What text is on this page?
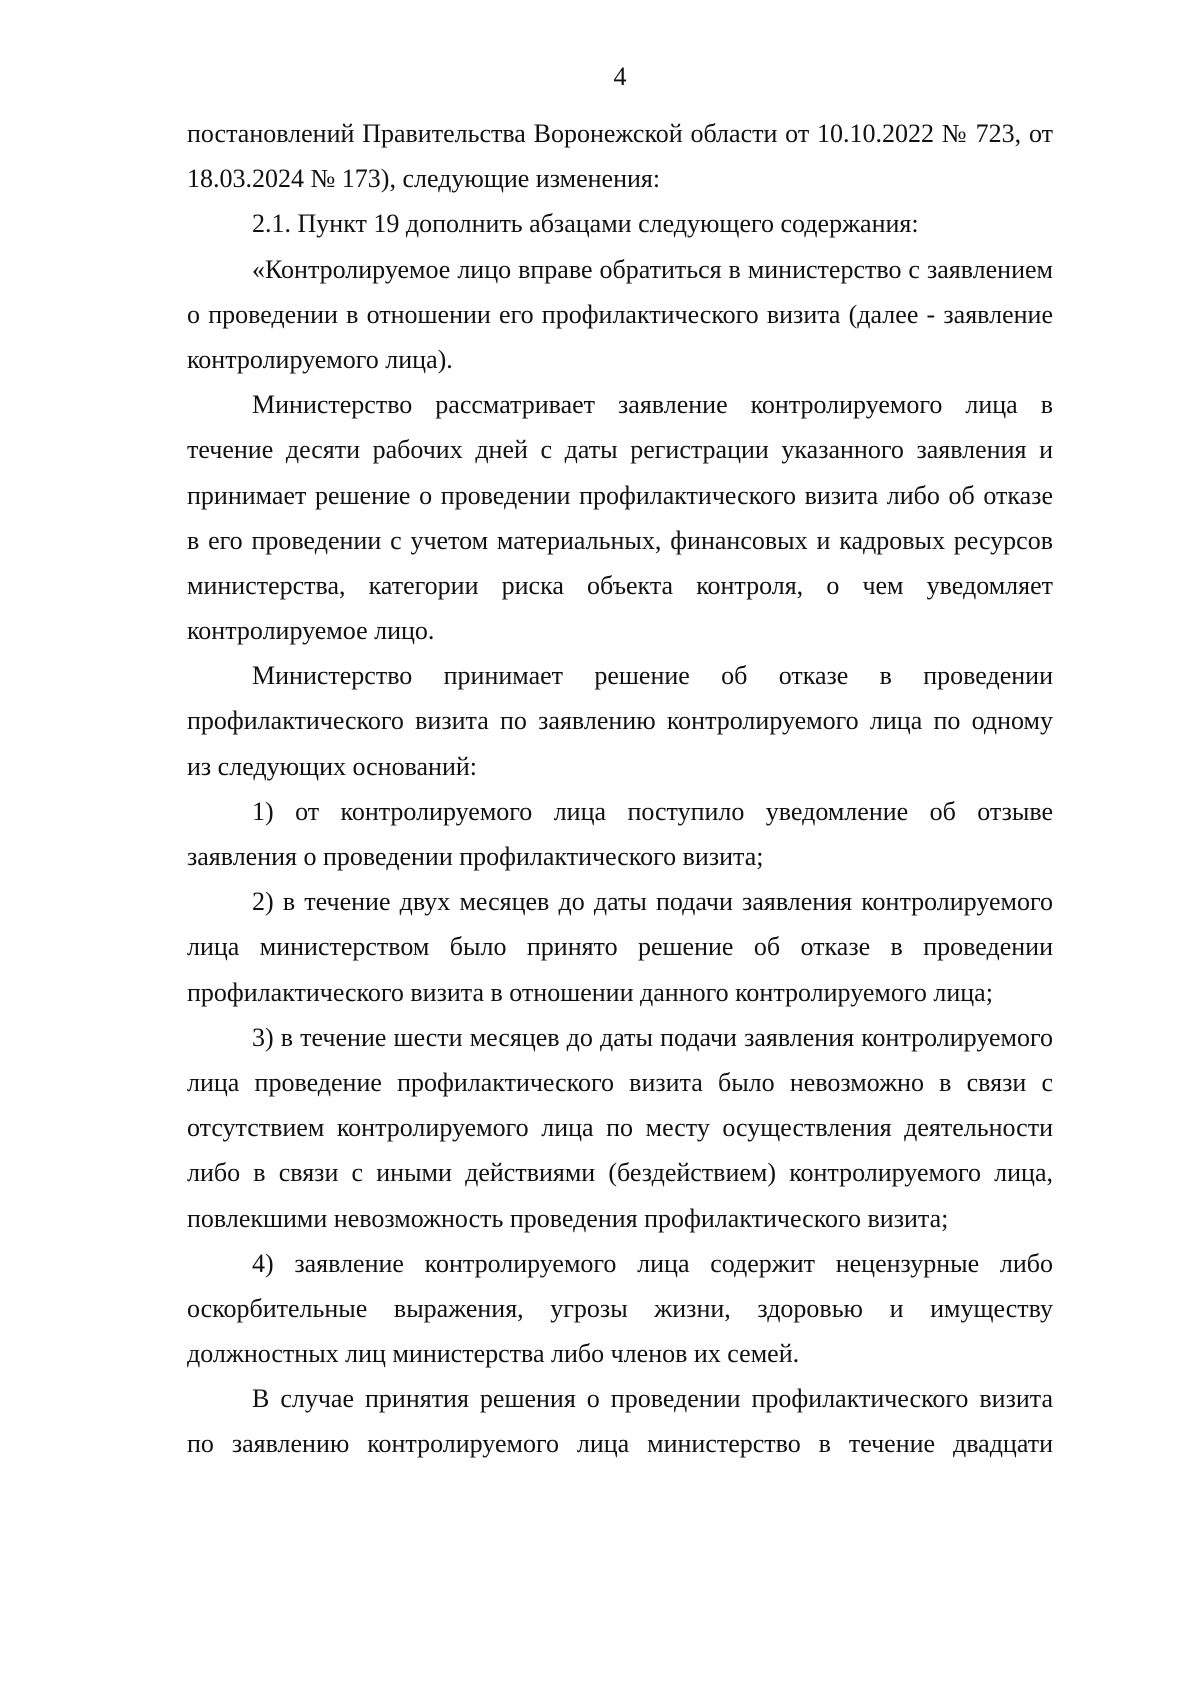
4
постановлений Правительства Воронежской области от 10.10.2022 № 723, от
18.03.2024 № 173), следующие изменения:
2.1. Пункт 19 дополнить абзацами следующего содержания:
«Контролируемое лицо вправе обратиться в министерство с заявлением
о проведении в отношении его профилактического визита (далее - заявление
контролируемого лица).
Министерство рассматривает заявление контролируемого лица в
течение десяти рабочих дней с даты регистрации указанного заявления и
принимает решение о проведении профилактического визита либо об отказе
в его проведении с учетом материальных, финансовых и кадровых ресурсов
министерства, категории риска объекта контроля, о чем уведомляет
контролируемое лицо.
Министерство принимает решение об отказе в проведении
профилактического визита по заявлению контролируемого лица по одному
из следующих оснований:
1) от контролируемого лица поступило уведомление об отзыве
заявления о проведении профилактического визита;
2) в течение двух месяцев до даты подачи заявления контролируемого
лица министерством было принято решение об отказе в проведении
профилактического визита в отношении данного контролируемого лица;
3) в течение шести месяцев до даты подачи заявления контролируемого
лица проведение профилактического визита было невозможно в связи с
отсутствием контролируемого лица по месту осуществления деятельности
либо в связи с иными действиями (бездействием) контролируемого лица,
повлекшими невозможность проведения профилактического визита;
4) заявление контролируемого лица содержит нецензурные либо
оскорбительные выражения, угрозы жизни, здоровью и имуществу
должностных лиц министерства либо членов их семей.
В случае принятия решения о проведении профилактического визита
по заявлению контролируемого лица министерство в течение двадцати
